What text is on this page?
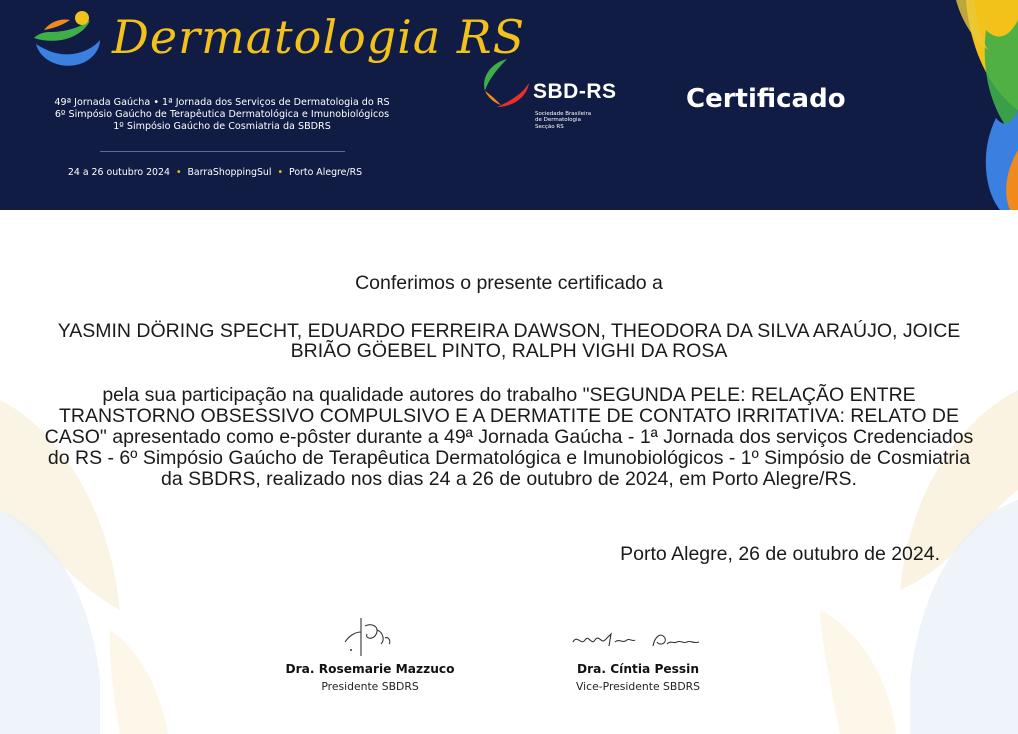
Dermatologia RS
49ª Jornada Gaúcha • 1ª Jornada dos Serviços de Dermatologia do RS
6º Simpósio Gaúcho de Terapêutica Dermatológica e Imunobiológicos
1º Simpósio Gaúcho de Cosmiatria da SBDRS
24 a 26 outubro 2024 • BarraShoppingSul • Porto Alegre/RS
SBD-RS
Sociedade Brasileira
de Dermatologia
Secção RS
Certificado
Conferimos o presente certificado a
YASMIN DÖRING SPECHT, EDUARDO FERREIRA DAWSON, THEODORA DA SILVA ARAÚJO, JOICE BRIÃO GÖEBEL PINTO, RALPH VIGHI DA ROSA
pela sua participação na qualidade autores do trabalho "SEGUNDA PELE: RELAÇÃO ENTRE TRANSTORNO OBSESSIVO COMPULSIVO E A DERMATITE DE CONTATO IRRITATIVA: RELATO DE CASO" apresentado como e-pôster durante a 49ª Jornada Gaúcha - 1ª Jornada dos serviços Credenciados do RS - 6º Simpósio Gaúcho de Terapêutica Dermatológica e Imunobiológicos - 1º Simpósio de Cosmiatria da SBDRS, realizado nos dias 24 a 26 de outubro de 2024, em Porto Alegre/RS.
Porto Alegre, 26 de outubro de 2024.
Dra. Rosemarie Mazzuco
Presidente SBDRS
Dra. Cíntia Pessin
Vice-Presidente SBDRS
